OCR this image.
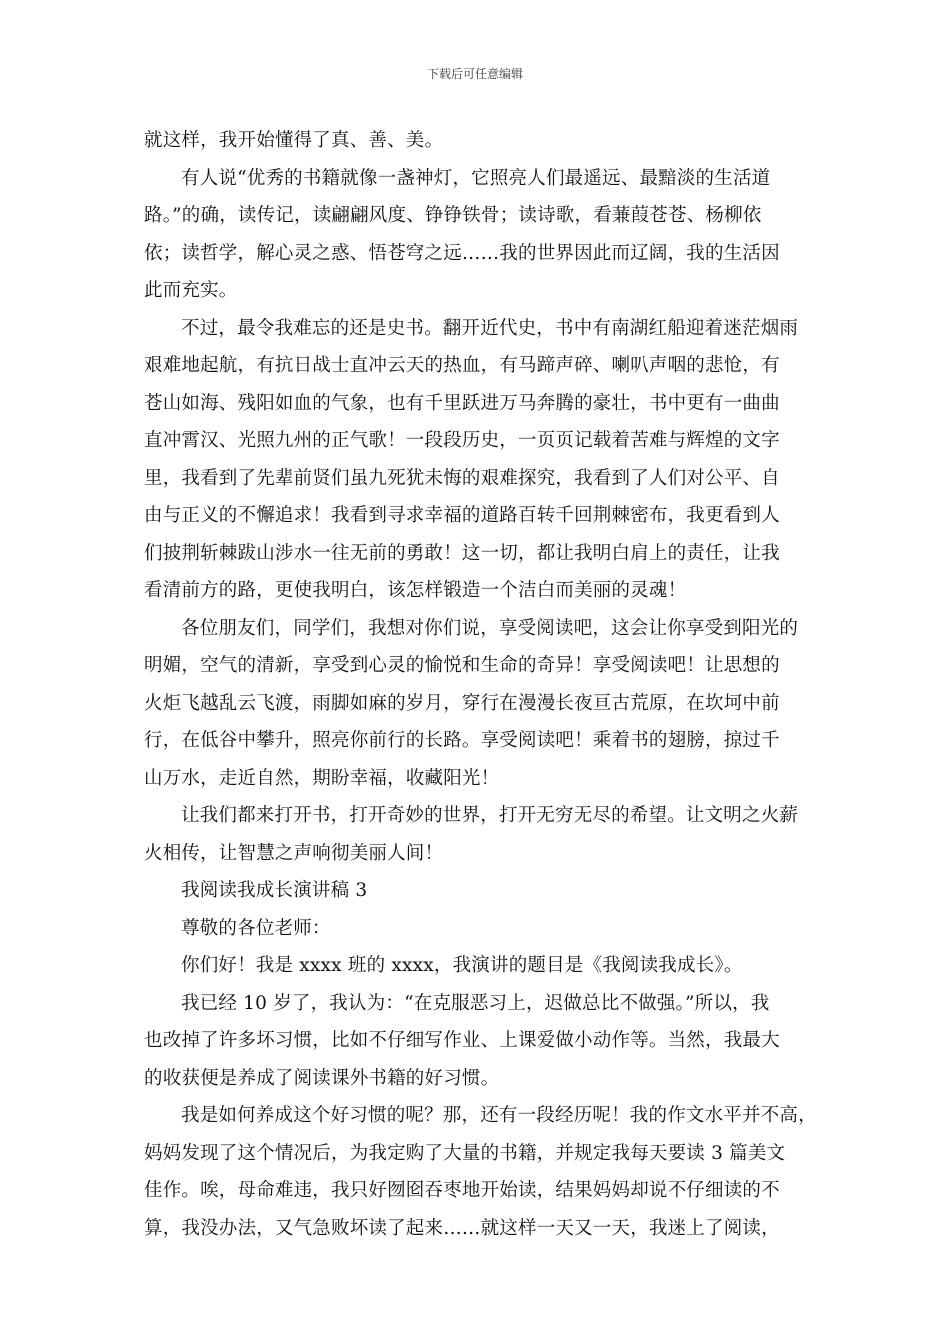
下载后可任意编辑
就这样，我开始懂得了真、善、美。
有人说“优秀的书籍就像一盏神灯，它照亮人们最遥远、最黯淡的生活道
路。”的确，读传记，读翩翩风度、铮铮铁骨；读诗歌，看蒹葭苍苍、杨柳依
依；读哲学，解心灵之惑、悟苍穹之远……我的世界因此而辽阔，我的生活因
此而充实。
不过，最令我难忘的还是史书。翻开近代史，书中有南湖红船迎着迷茫烟雨
艰难地起航，有抗日战士直冲云天的热血，有马蹄声碎、喇叭声咽的悲怆，有
苍山如海、残阳如血的气象，也有千里跃进万马奔腾的豪壮，书中更有一曲曲
直冲霄汉、光照九州的正气歌！一段段历史，一页页记载着苦难与辉煌的文字
里，我看到了先辈前贤们虽九死犹未悔的艰难探究，我看到了人们对公平、自
由与正义的不懈追求！我看到寻求幸福的道路百转千回荆棘密布，我更看到人
们披荆斩棘跋山涉水一往无前的勇敢！这一切，都让我明白肩上的责任，让我
看清前方的路，更使我明白，该怎样锻造一个洁白而美丽的灵魂！
各位朋友们，同学们，我想对你们说，享受阅读吧，这会让你享受到阳光的
明媚，空气的清新，享受到心灵的愉悦和生命的奇异！享受阅读吧！让思想的
火炬飞越乱云飞渡，雨脚如麻的岁月，穿行在漫漫长夜亘古荒原，在坎坷中前
行，在低谷中攀升，照亮你前行的长路。享受阅读吧！乘着书的翅膀，掠过千
山万水，走近自然，期盼幸福，收藏阳光！
让我们都来打开书，打开奇妙的世界，打开无穷无尽的希望。让文明之火薪
火相传，让智慧之声响彻美丽人间！
我阅读我成长演讲稿 3
尊敬的各位老师：
你们好！我是 xxxx 班的 xxxx，我演讲的题目是《我阅读我成长》。
我已经 10 岁了，我认为：“在克服恶习上，迟做总比不做强。”所以，我
也改掉了许多坏习惯，比如不仔细写作业、上课爱做小动作等。当然，我最大
的收获便是养成了阅读课外书籍的好习惯。
我是如何养成这个好习惯的呢？那，还有一段经历呢！我的作文水平并不高，
妈妈发现了这个情况后，为我定购了大量的书籍，并规定我每天要读 3 篇美文
佳作。唉，母命难违，我只好囫囵吞枣地开始读，结果妈妈却说不仔细读的不
算，我没办法，又气急败坏读了起来……就这样一天又一天，我迷上了阅读，
